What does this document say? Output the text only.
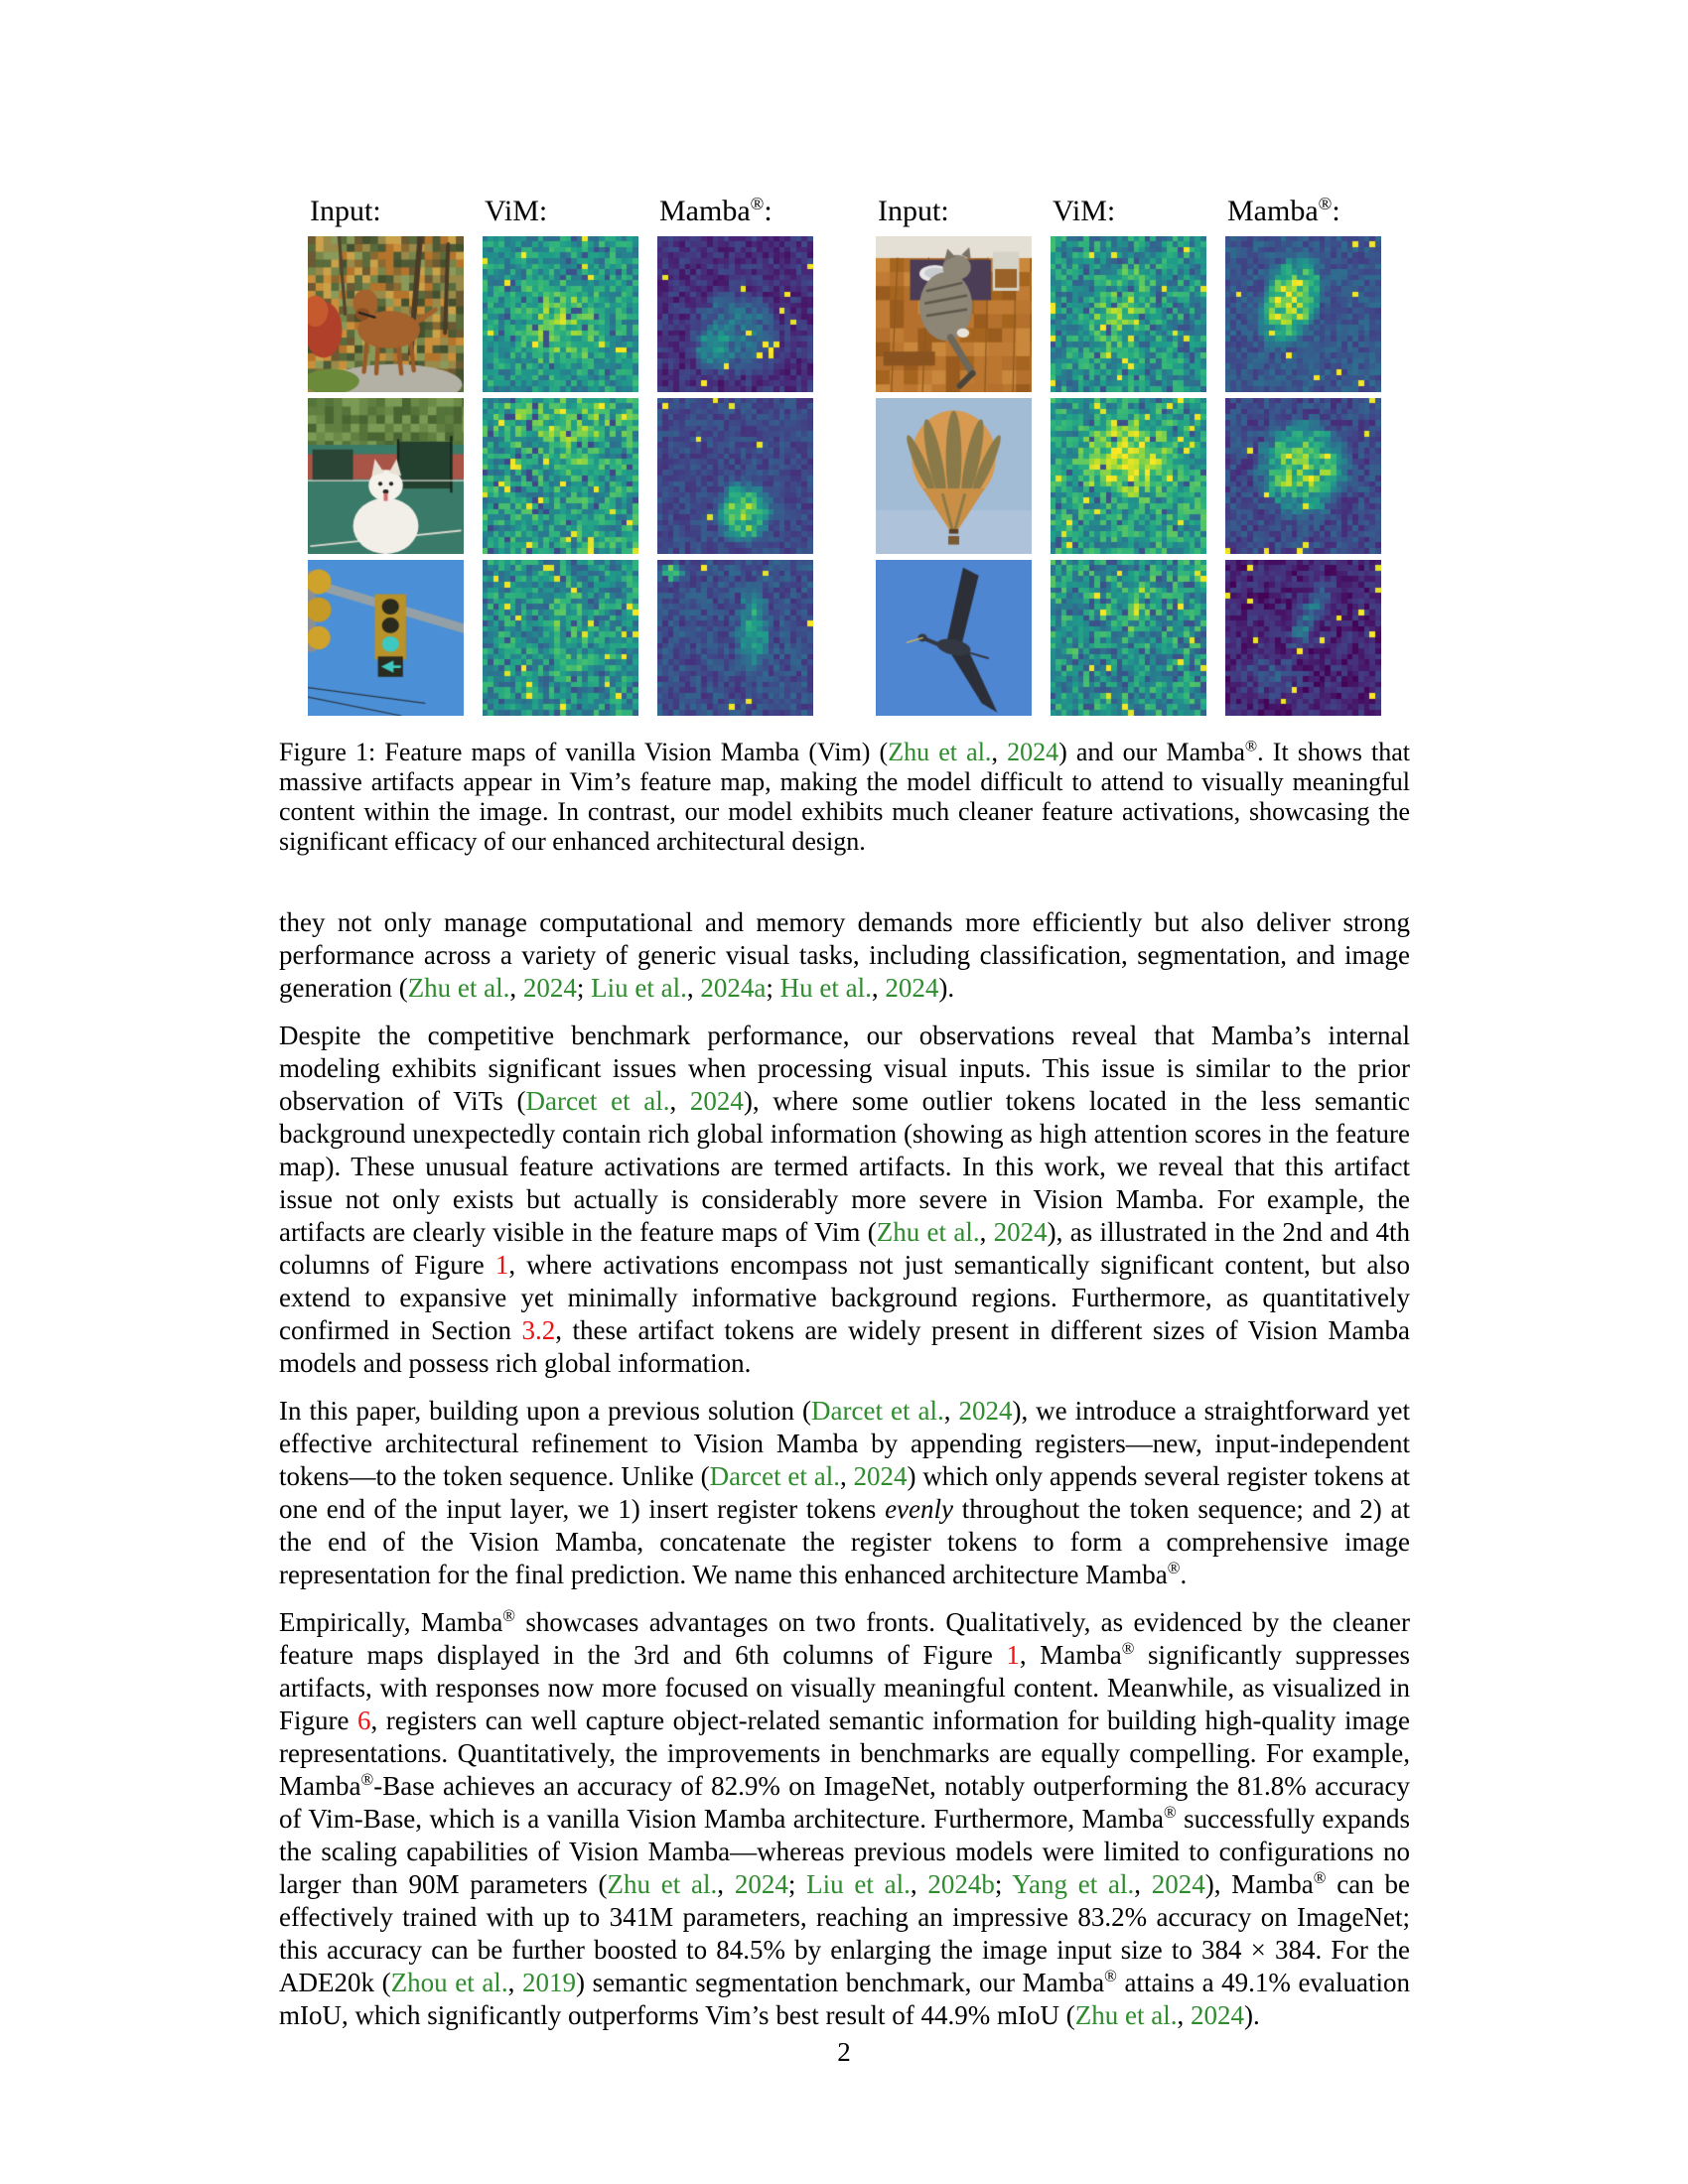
Input:	ViM:	Mamba®:	Input:	ViM:	Mamba®:
Figure 1: Feature maps of vanilla Vision Mamba (Vim) (Zhu et al., 2024) and our Mamba®. It shows that massive artifacts appear in Vim’s feature map, making the model difficult to attend to visually meaningful content within the image. In contrast, our model exhibits much cleaner feature activations, showcasing the significant efficacy of our enhanced architectural design.

they not only manage computational and memory demands more efficiently but also deliver strong performance across a variety of generic visual tasks, including classification, segmentation, and image generation (Zhu et al., 2024; Liu et al., 2024a; Hu et al., 2024).

Despite the competitive benchmark performance, our observations reveal that Mamba’s internal modeling exhibits significant issues when processing visual inputs. This issue is similar to the prior observation of ViTs (Darcet et al., 2024), where some outlier tokens located in the less semantic background unexpectedly contain rich global information (showing as high attention scores in the feature map). These unusual feature activations are termed artifacts. In this work, we reveal that this artifact issue not only exists but actually is considerably more severe in Vision Mamba. For example, the artifacts are clearly visible in the feature maps of Vim (Zhu et al., 2024), as illustrated in the 2nd and 4th columns of Figure 1, where activations encompass not just semantically significant content, but also extend to expansive yet minimally informative background regions. Furthermore, as quantitatively confirmed in Section 3.2, these artifact tokens are widely present in different sizes of Vision Mamba models and possess rich global information.

In this paper, building upon a previous solution (Darcet et al., 2024), we introduce a straightforward yet effective architectural refinement to Vision Mamba by appending registers—new, input-independent tokens—to the token sequence. Unlike (Darcet et al., 2024) which only appends several register tokens at one end of the input layer, we 1) insert register tokens evenly throughout the token sequence; and 2) at the end of the Vision Mamba, concatenate the register tokens to form a comprehensive image representation for the final prediction. We name this enhanced architecture Mamba®.

Empirically, Mamba® showcases advantages on two fronts. Qualitatively, as evidenced by the cleaner feature maps displayed in the 3rd and 6th columns of Figure 1, Mamba® significantly suppresses artifacts, with responses now more focused on visually meaningful content. Meanwhile, as visualized in Figure 6, registers can well capture object-related semantic information for building high-quality image representations. Quantitatively, the improvements in benchmarks are equally compelling. For example, Mamba®-Base achieves an accuracy of 82.9% on ImageNet, notably outperforming the 81.8% accuracy of Vim-Base, which is a vanilla Vision Mamba architecture. Furthermore, Mamba® successfully expands the scaling capabilities of Vision Mamba—whereas previous models were limited to configurations no larger than 90M parameters (Zhu et al., 2024; Liu et al., 2024b; Yang et al., 2024), Mamba® can be effectively trained with up to 341M parameters, reaching an impressive 83.2% accuracy on ImageNet; this accuracy can be further boosted to 84.5% by enlarging the image input size to 384 × 384. For the ADE20k (Zhou et al., 2019) semantic segmentation benchmark, our Mamba® attains a 49.1% evaluation mIoU, which significantly outperforms Vim’s best result of 44.9% mIoU (Zhu et al., 2024).

2
